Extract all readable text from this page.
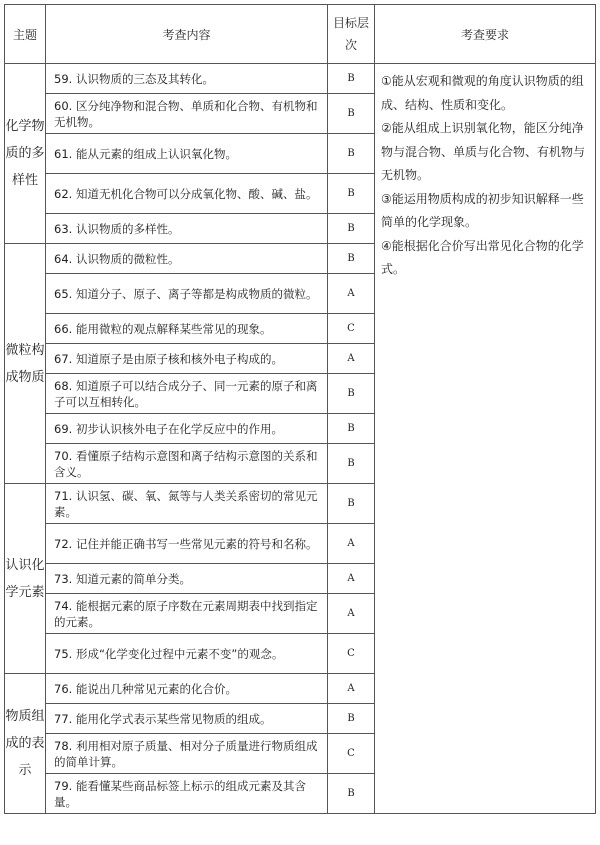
主题	考查内容	目标层次	考查要求
化学物质的多样性	59. 认识物质的三态及其转化。	B	①能从宏观和微观的角度认识物质的组成、结构、性质和变化。
②能从组成上识别氧化物，能区分纯净物与混合物、单质与化合物、有机物与无机物。
③能运用物质构成的初步知识解释一些简单的化学现象。
④能根据化合价写出常见化合物的化学式。

	60. 区分纯净物和混合物、单质和化合物、有机物和无机物。	B	
	61. 能从元素的组成上认识氧化物。	B	
	62. 知道无机化合物可以分成氧化物、酸、碱、盐。	B	
	63. 认识物质的多样性。	B	
微粒构成物质	64. 认识物质的微粒性。	B	
	65. 知道分子、原子、离子等都是构成物质的微粒。	A	
	66. 能用微粒的观点解释某些常见的现象。	C	
	67. 知道原子是由原子核和核外电子构成的。	A	
	68. 知道原子可以结合成分子、同一元素的原子和离子可以互相转化。	B	
	69. 初步认识核外电子在化学反应中的作用。	B	
	70. 看懂原子结构示意图和离子结构示意图的关系和含义。	B	
认识化学元素	71. 认识氢、碳、氧、氮等与人类关系密切的常见元素。	B	
	72. 记住并能正确书写一些常见元素的符号和名称。	A	
	73. 知道元素的简单分类。	A	
	74. 能根据元素的原子序数在元素周期表中找到指定的元素。	A	
	75. 形成“化学变化过程中元素不变”的观念。	C	
物质组成的表示	76. 能说出几种常见元素的化合价。	A	
	77. 能用化学式表示某些常见物质的组成。	B	
	78. 利用相对原子质量、相对分子质量进行物质组成的简单计算。	C	
	79. 能看懂某些商品标签上标示的组成元素及其含量。	B	
